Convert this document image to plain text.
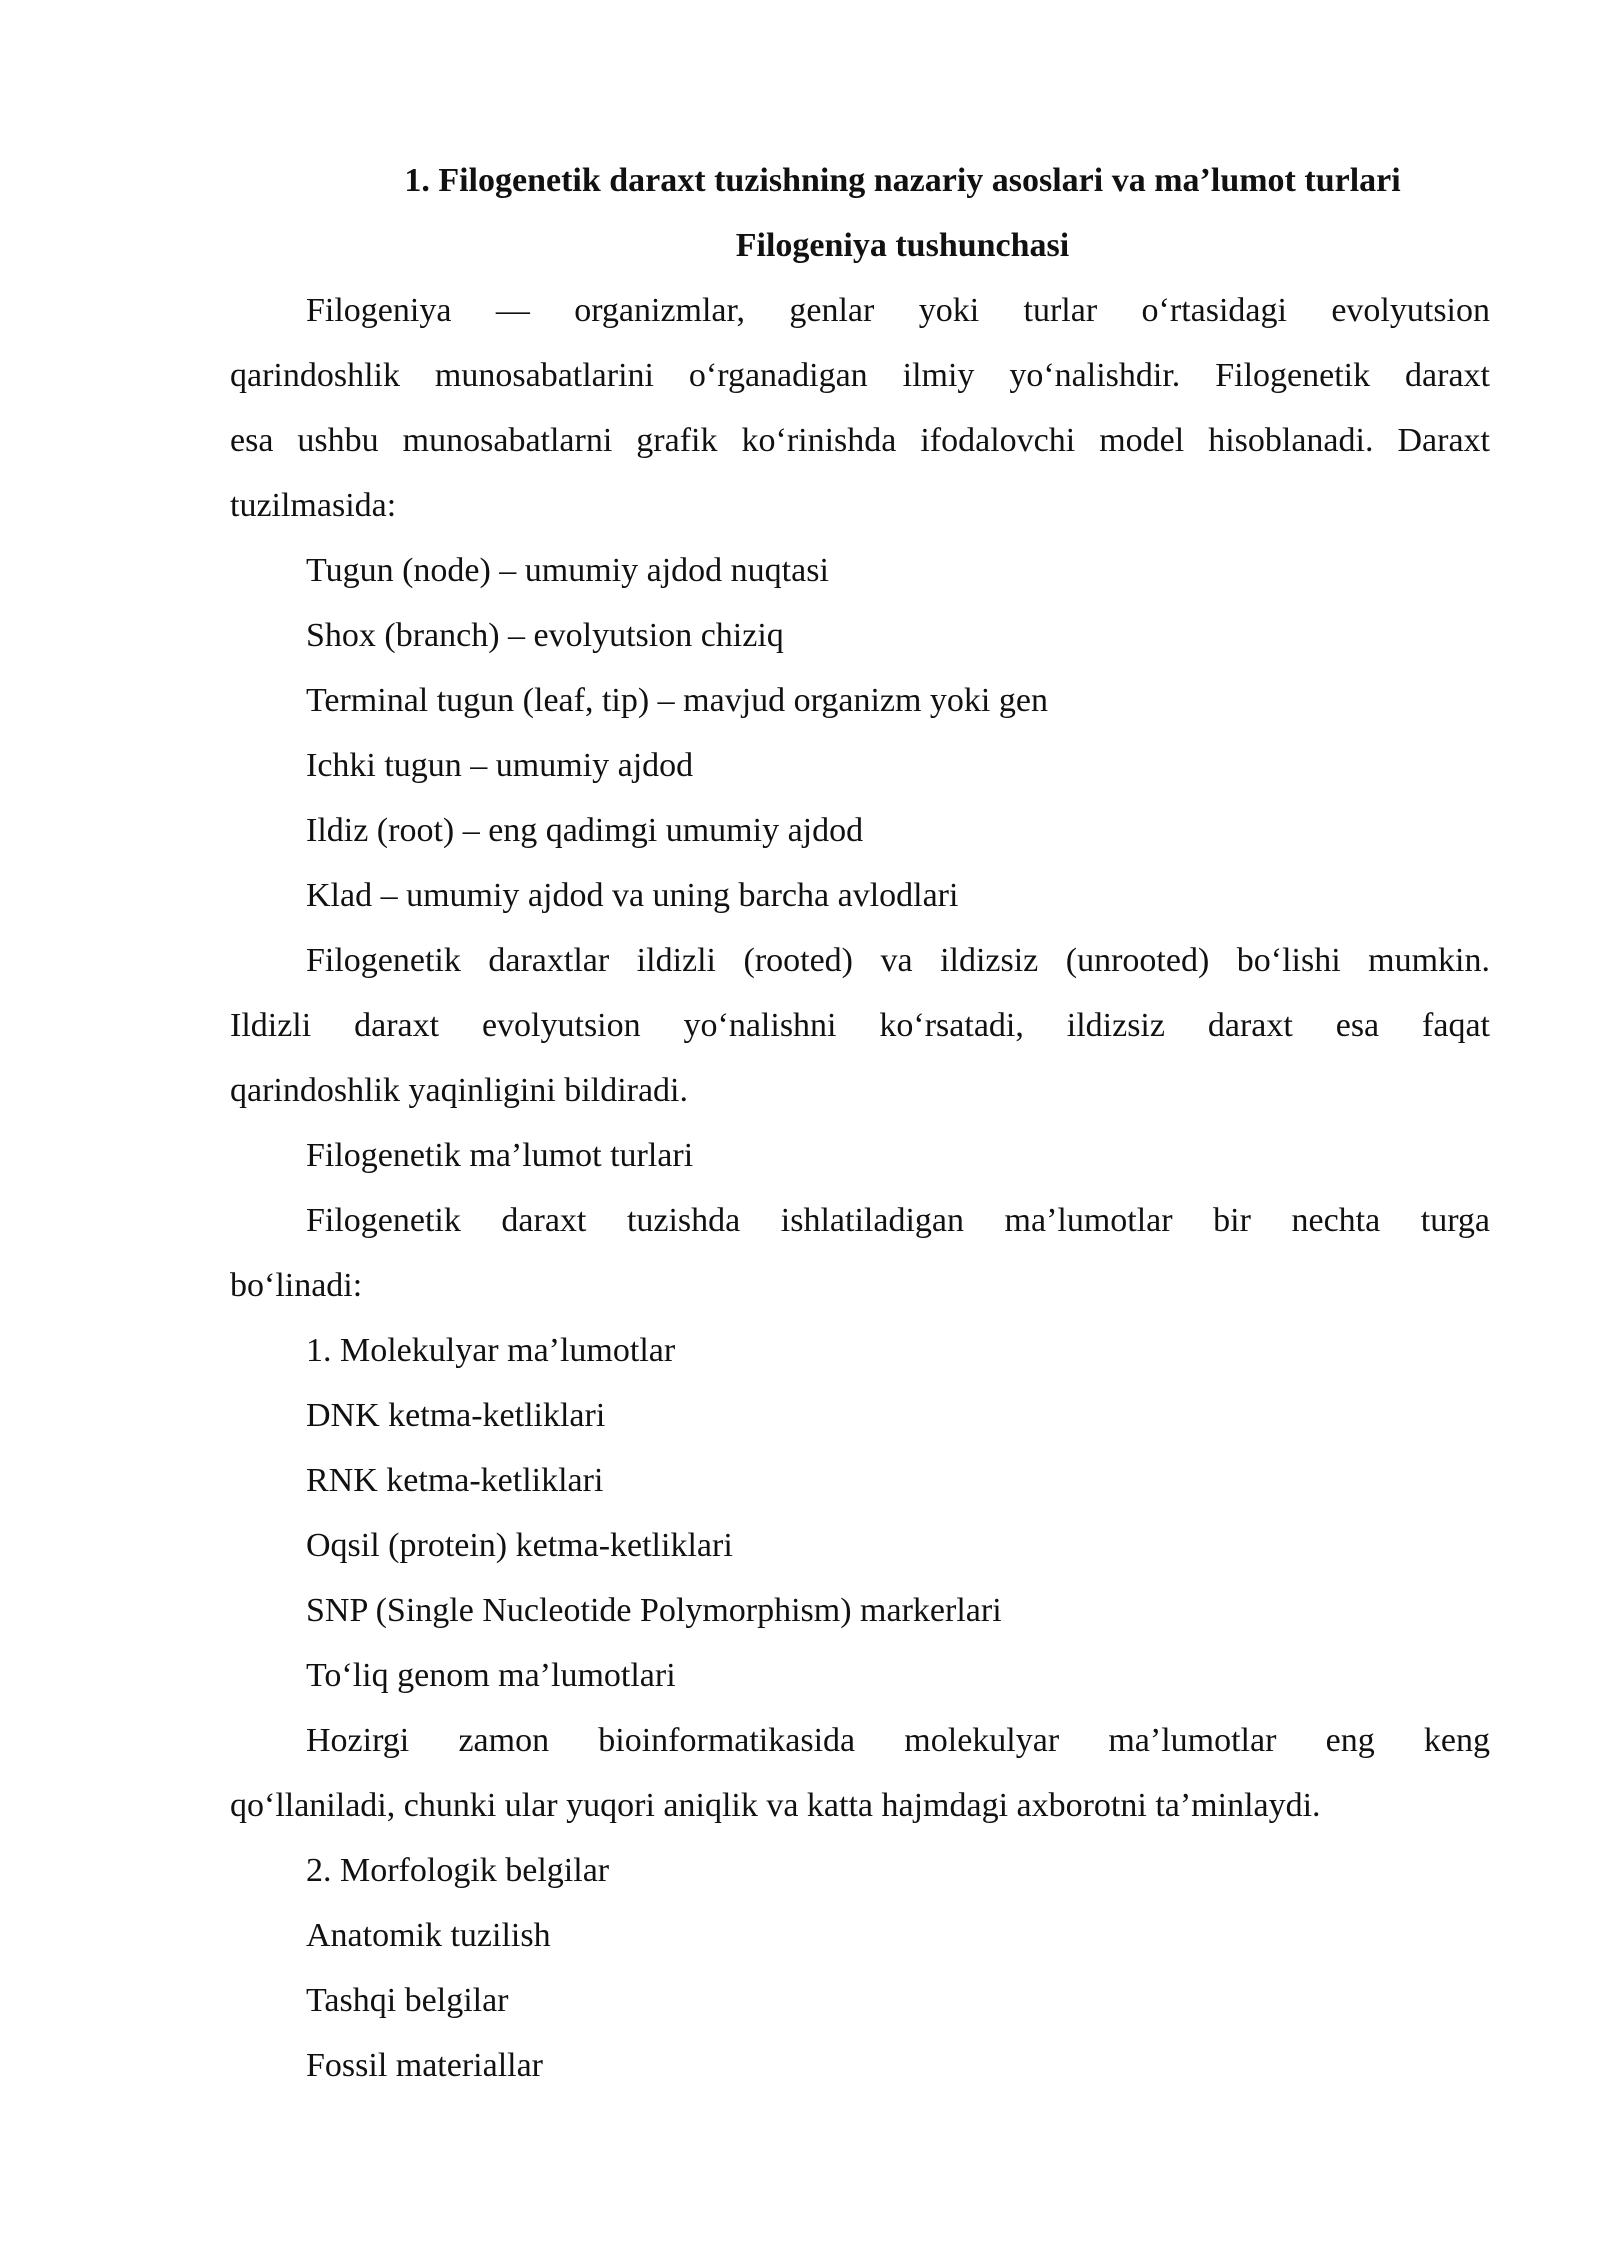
1. Filogenetik daraxt tuzishning nazariy asoslari va ma’lumot turlari
Filogeniya tushunchasi
Filogeniya — organizmlar, genlar yoki turlar o‘rtasidagi evolyutsion
qarindoshlik munosabatlarini o‘rganadigan ilmiy yo‘nalishdir. Filogenetik daraxt
esa ushbu munosabatlarni grafik ko‘rinishda ifodalovchi model hisoblanadi. Daraxt
tuzilmasida:
Tugun (node) – umumiy ajdod nuqtasi
Shox (branch) – evolyutsion chiziq
Terminal tugun (leaf, tip) – mavjud organizm yoki gen
Ichki tugun – umumiy ajdod
Ildiz (root) – eng qadimgi umumiy ajdod
Klad – umumiy ajdod va uning barcha avlodlari
Filogenetik daraxtlar ildizli (rooted) va ildizsiz (unrooted) bo‘lishi mumkin.
Ildizli daraxt evolyutsion yo‘nalishni ko‘rsatadi, ildizsiz daraxt esa faqat
qarindoshlik yaqinligini bildiradi.
Filogenetik ma’lumot turlari
Filogenetik daraxt tuzishda ishlatiladigan ma’lumotlar bir nechta turga
bo‘linadi:
1. Molekulyar ma’lumotlar
DNK ketma-ketliklari
RNK ketma-ketliklari
Oqsil (protein) ketma-ketliklari
SNP (Single Nucleotide Polymorphism) markerlari
To‘liq genom ma’lumotlari
Hozirgi zamon bioinformatikasida molekulyar ma’lumotlar eng keng
qo‘llaniladi, chunki ular yuqori aniqlik va katta hajmdagi axborotni ta’minlaydi.
2. Morfologik belgilar
Anatomik tuzilish
Tashqi belgilar
Fossil materiallar
